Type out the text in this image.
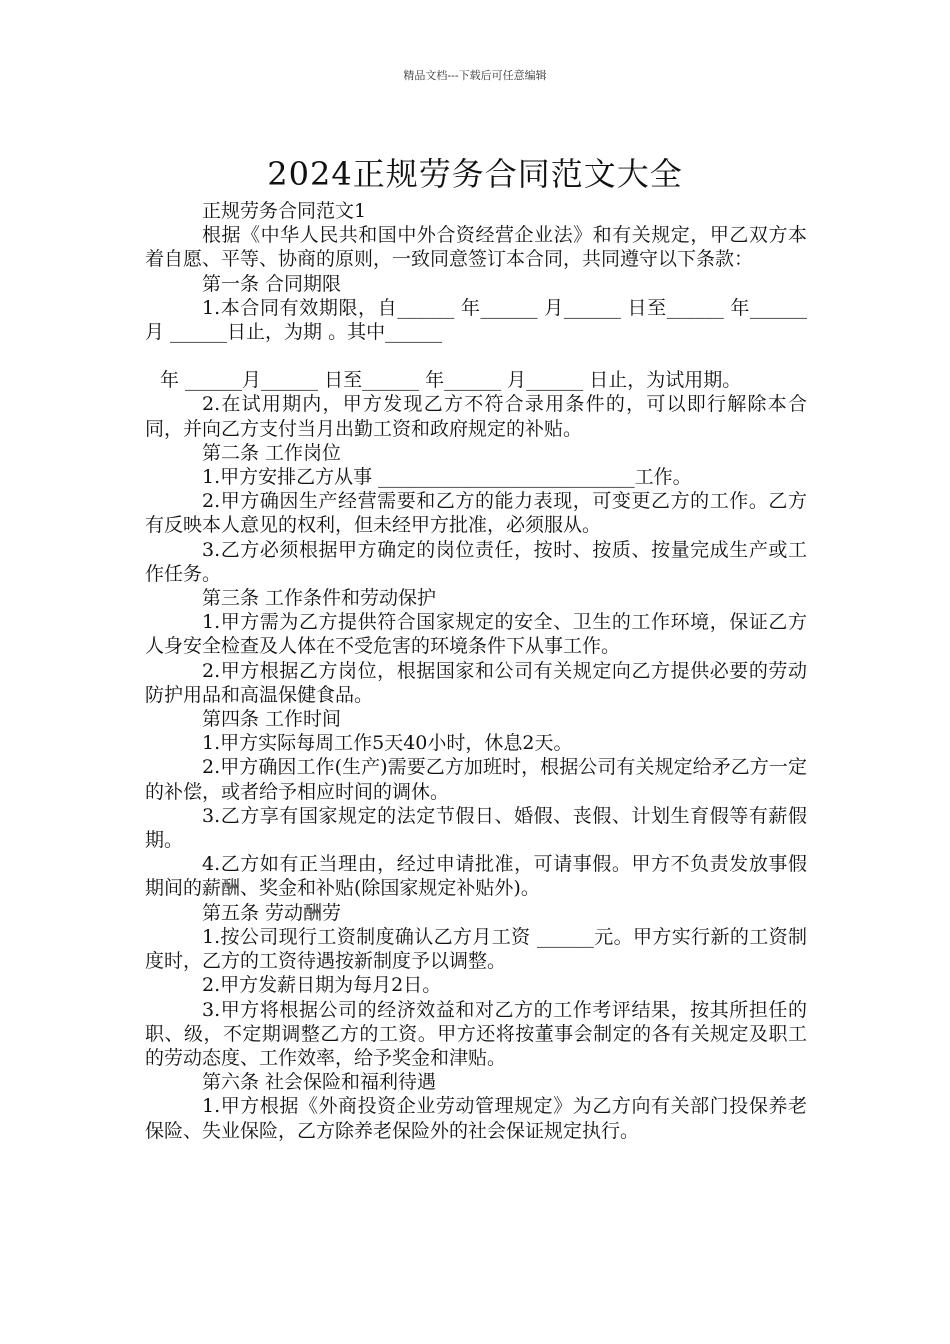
精品文档---下载后可任意编辑
2024正规劳务合同范文大全

正规劳务合同范文1

根据《中华人民共和国中外合资经营企业法》和有关规定，甲乙双方本着自愿、平等、协商的原则，一致同意签订本合同，共同遵守以下条款：

第一条 合同期限

1.本合同有效期限，自______ 年______ 月______ 日至______ 年______ 月 ______日止，为期 。其中______

年 ______月______ 日至______ 年______ 月______ 日止，为试用期。

2.在试用期内，甲方发现乙方不符合录用条件的，可以即行解除本合同，并向乙方支付当月出勤工资和政府规定的补贴。

第二条 工作岗位

1.甲方安排乙方从事 ___________________________工作。

2.甲方确因生产经营需要和乙方的能力表现，可变更乙方的工作。乙方有反映本人意见的权利，但未经甲方批准，必须服从。

3.乙方必须根据甲方确定的岗位责任，按时、按质、按量完成生产或工作任务。

第三条 工作条件和劳动保护

1.甲方需为乙方提供符合国家规定的安全、卫生的工作环境，保证乙方人身安全检查及人体在不受危害的环境条件下从事工作。

2.甲方根据乙方岗位，根据国家和公司有关规定向乙方提供必要的劳动防护用品和高温保健食品。

第四条 工作时间

1.甲方实际每周工作5天40小时，休息2天。

2.甲方确因工作(生产)需要乙方加班时，根据公司有关规定给矛乙方一定的补偿，或者给予相应时间的调休。

3.乙方享有国家规定的法定节假日、婚假、丧假、计划生育假等有薪假期。

4.乙方如有正当理由，经过申请批准，可请事假。甲方不负责发放事假期间的薪酬、奖金和补贴(除国家规定补贴外)。

第五条 劳动酬劳

1.按公司现行工资制度确认乙方月工资 ______元。甲方实行新的工资制度时，乙方的工资待遇按新制度予以调整。

2.甲方发薪日期为每月2日。

3.甲方将根据公司的经济效益和对乙方的工作考评结果，按其所担任的职、级，不定期调整乙方的工资。甲方还将按董事会制定的各有关规定及职工的劳动态度、工作效率，给予奖金和津贴。

第六条 社会保险和福利待遇

1.甲方根据《外商投资企业劳动管理规定》为乙方向有关部门投保养老保险、失业保险，乙方除养老保险外的社会保证规定执行。
